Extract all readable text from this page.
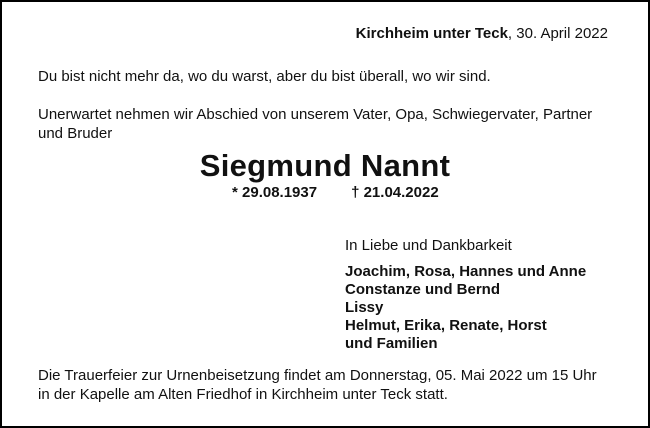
Kirchheim unter Teck, 30. April 2022
Du bist nicht mehr da, wo du warst, aber du bist überall, wo wir sind.
Unerwartet nehmen wir Abschied von unserem Vater, Opa, Schwiegervater, Partner und Bruder
Siegmund Nannt
* 29.08.1937 † 21.04.2022
In Liebe und Dankbarkeit
Joachim, Rosa, Hannes und Anne
Constanze und Bernd
Lissy
Helmut, Erika, Renate, Horst
und Familien
Die Trauerfeier zur Urnenbeisetzung findet am Donnerstag, 05. Mai 2022 um 15 Uhr
in der Kapelle am Alten Friedhof in Kirchheim unter Teck statt.
